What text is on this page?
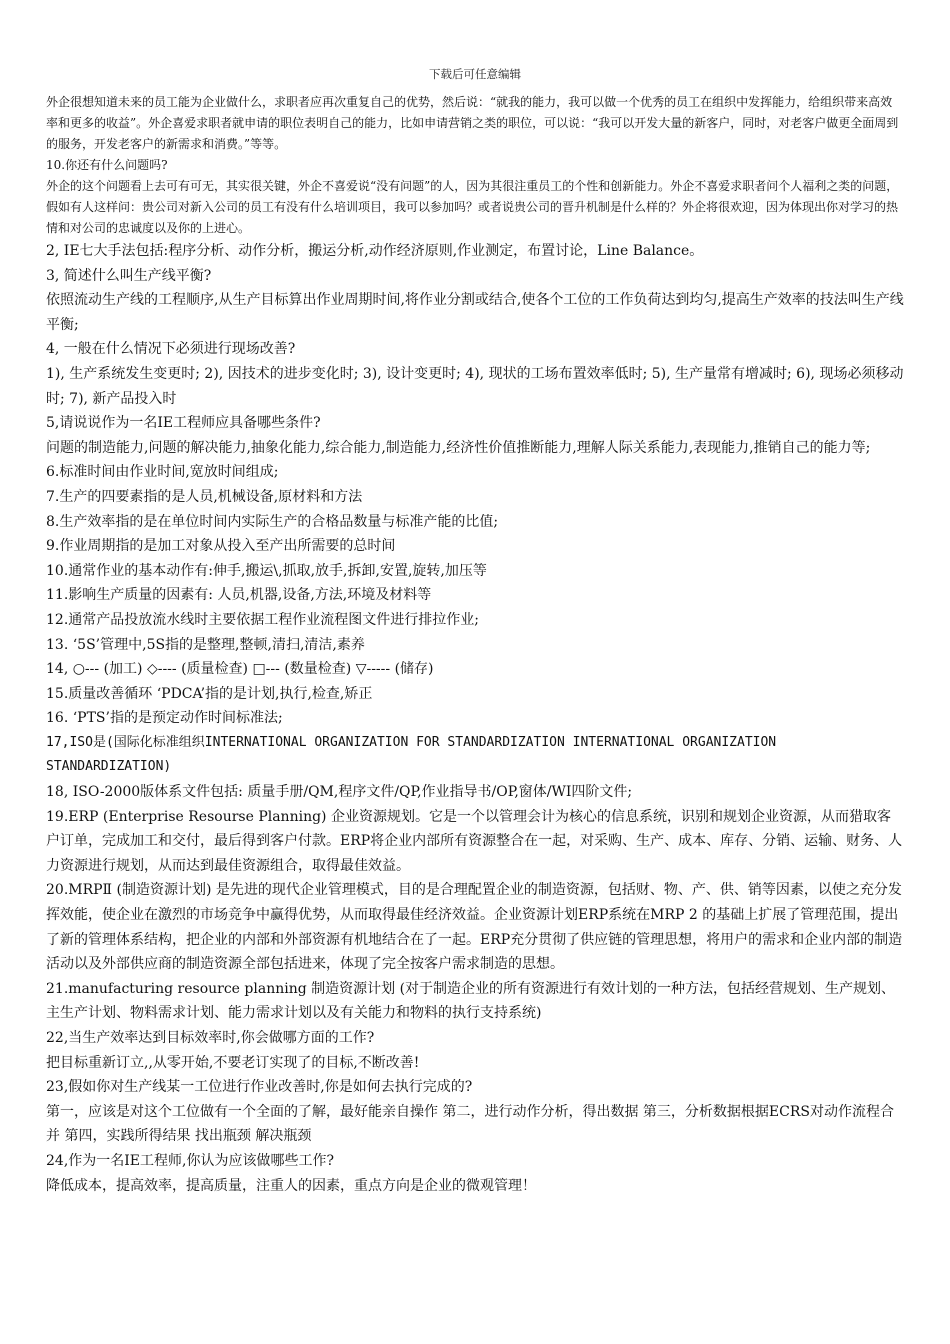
下载后可任意编辑

外企很想知道未来的员工能为企业做什么，求职者应再次重复自己的优势，然后说：“就我的能力，我可以做一个优秀的员工在组织中发挥能力，给组织带来高效率和更多的收益”。外企喜爱求职者就申请的职位表明自己的能力，比如申请营销之类的职位，可以说：“我可以开发大量的新客户，同时，对老客户做更全面周到的服务，开发老客户的新需求和消费。”等等。

10.你还有什么问题吗?

外企的这个问题看上去可有可无，其实很关键，外企不喜爱说“没有问题”的人，因为其很注重员工的个性和创新能力。外企不喜爱求职者问个人福利之类的问题，假如有人这样问：贵公司对新入公司的员工有没有什么培训项目，我可以参加吗？或者说贵公司的晋升机制是什么样的？外企将很欢迎，因为体现出你对学习的热情和对公司的忠诚度以及你的上进心。

2, IE七大手法包括:程序分析、动作分析，搬运分析,动作经济原则,作业测定，布置讨论，Line Balance。

3, 简述什么叫生产线平衡?

依照流动生产线的工程顺序,从生产目标算出作业周期时间,将作业分割或结合,使各个工位的工作负荷达到均匀,提高生产效率的技法叫生产线平衡;

4, 一般在什么情况下必须进行现场改善?

1), 生产系统发生变更时; 2), 因技术的进步变化时; 3), 设计变更时; 4), 现状的工场布置效率低时; 5), 生产量常有增减时; 6), 现场必须移动时; 7), 新产品投入时

5,请说说作为一名IE工程师应具备哪些条件?

问题的制造能力,问题的解决能力,抽象化能力,综合能力,制造能力,经济性价值推断能力,理解人际关系能力,表现能力,推销自己的能力等;

6.标准时间由作业时间,宽放时间组成;

7.生产的四要素指的是人员,机械设备,原材料和方法

8.生产效率指的是在单位时间内实际生产的合格品数量与标准产能的比值;

9.作业周期指的是加工对象从投入至产出所需要的总时间

10.通常作业的基本动作有:伸手,搬运\,抓取,放手,拆卸,安置,旋转,加压等

11.影响生产质量的因素有: 人员,机器,设备,方法,环境及材料等

12.通常产品投放流水线时主要依据工程作业流程图文件进行排拉作业;

13. ‘5S’管理中,5S指的是整理,整顿,清扫,清洁,素养

14, ○--- (加工) ◇---- (质量检查) □--- (数量检查) ▽----- (储存)

15.质量改善循环 ‘PDCA’指的是计划,执行,检查,矫正

16. ‘PTS’指的是预定动作时间标准法;

17,ISO是(国际化标准组织INTERNATIONAL ORGANIZATION FOR STANDARDIZATION INTERNATIONAL ORGANIZATION STANDARDIZATION)

18, ISO-2000版体系文件包括: 质量手册/QM,程序文件/QP,作业指导书/OP,窗体/WI四阶文件;

19.ERP (Enterprise Resourse Planning) 企业资源规划。它是一个以管理会计为核心的信息系统，识别和规划企业资源，从而猎取客户订单，完成加工和交付，最后得到客户付款。ERP将企业内部所有资源整合在一起，对采购、生产、成本、库存、分销、运输、财务、人力资源进行规划，从而达到最佳资源组合，取得最佳效益。

20.MRPⅡ (制造资源计划) 是先进的现代企业管理模式，目的是合理配置企业的制造资源，包括财、物、产、供、销等因素，以使之充分发挥效能，使企业在激烈的市场竞争中赢得优势，从而取得最佳经济效益。企业资源计划ERP系统在MRP 2 的基础上扩展了管理范围，提出了新的管理体系结构，把企业的内部和外部资源有机地结合在了一起。ERP充分贯彻了供应链的管理思想，将用户的需求和企业内部的制造活动以及外部供应商的制造资源全部包括进来，体现了完全按客户需求制造的思想。

21.manufacturing resource planning 制造资源计划 (对于制造企业的所有资源进行有效计划的一种方法，包括经营规划、生产规划、主生产计划、物料需求计划、能力需求计划以及有关能力和物料的执行支持系统)

22,当生产效率达到目标效率时,你会做哪方面的工作?

把目标重新订立,,从零开始,不要老订实现了的目标,不断改善!

23,假如你对生产线某一工位进行作业改善时,你是如何去执行完成的?

第一，应该是对这个工位做有一个全面的了解，最好能亲自操作 第二，进行动作分析，得出数据 第三，分析数据根据ECRS对动作流程合并 第四，实践所得结果 找出瓶颈 解决瓶颈

24,作为一名IE工程师,你认为应该做哪些工作?

降低成本，提高效率，提高质量，注重人的因素，重点方向是企业的微观管理！
